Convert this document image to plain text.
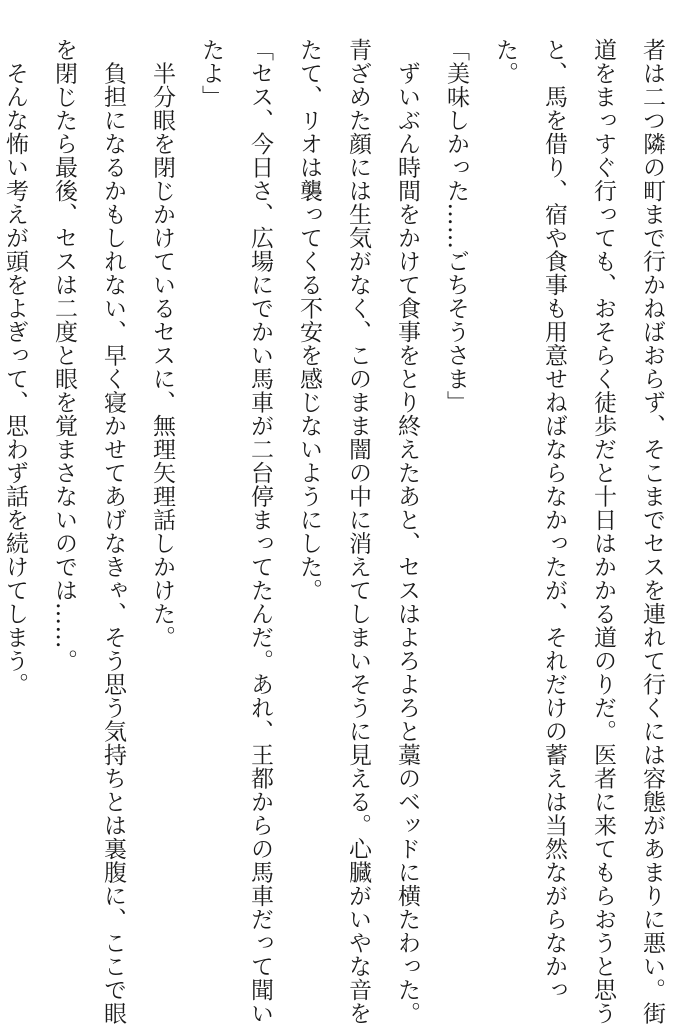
者は二つ隣の町まで行かねばおらず、そこまでセスを連れて行くには容態があまりに悪い。街
道をまっすぐ行っても、おそらく徒歩だと十日はかかる道のりだ。医者に来てもらおうと思う
と、馬を借り、宿や食事も用意せねばならなかったが、それだけの蓄えは当然ながらなかっ
た。
「美味しかった……ごちそうさま」
　ずいぶん時間をかけて食事をとり終えたあと、セスはよろよろと藁のベッドに横たわった。
青ざめた顔には生気がなく、このまま闇の中に消えてしまいそうに見える。心臓がいやな音を
たて、リオは襲ってくる不安を感じないようにした。
「セス、今日さ、広場にでかい馬車が二台停まってたんだ。あれ、王都からの馬車だって聞い
たよ」
　半分眼を閉じかけているセスに、無理矢理話しかけた。
　負担になるかもしれない、早く寝かせてあげなきゃ、そう思う気持ちとは裏腹に、ここで眼
を閉じたら最後、セスは二度と眼を覚まさないのでは……。
　そんな怖い考えが頭をよぎって、思わず話を続けてしまう。
